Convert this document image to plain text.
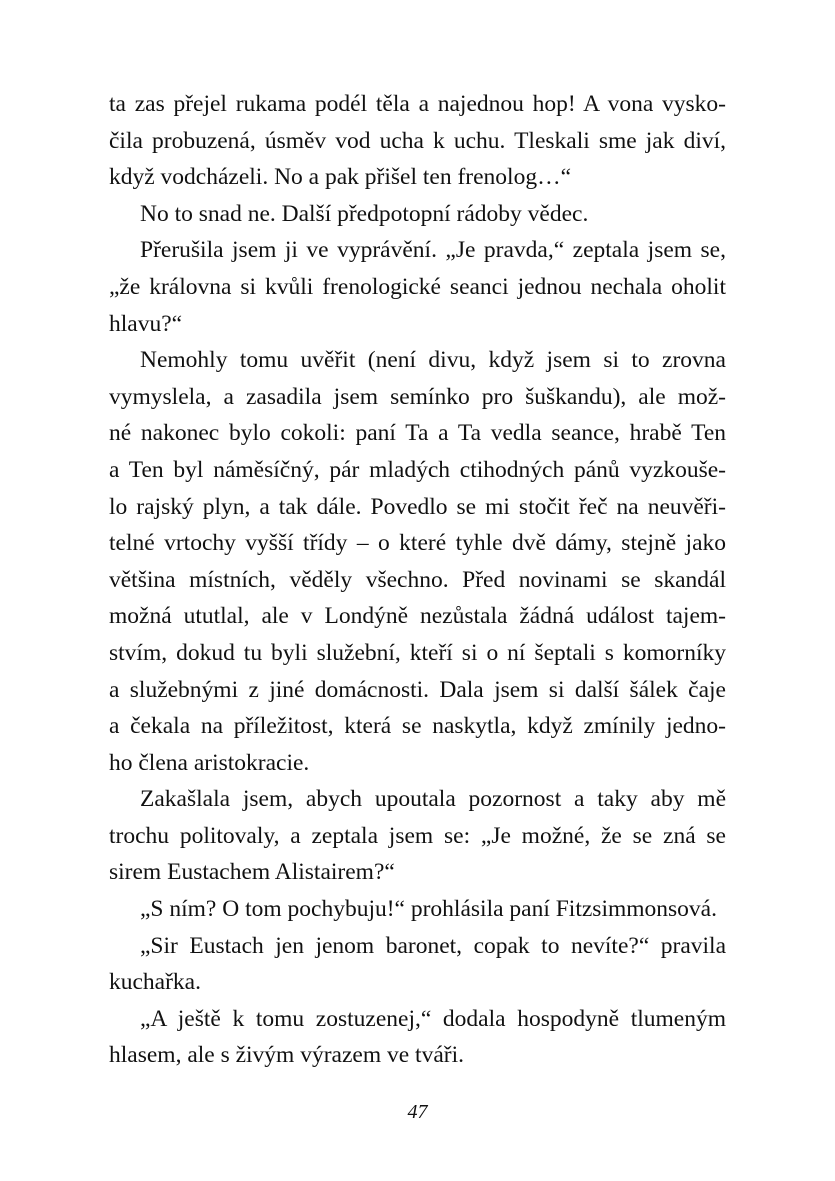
ta zas přejel rukama podél těla a najednou hop! A vona vysko-
čila probuzená, úsměv vod ucha k uchu. Tleskali sme jak diví,
když vodcházeli. No a pak přišel ten frenolog…“
No to snad ne. Další předpotopní rádoby vědec.
Přerušila jsem ji ve vyprávění. „Je pravda,“ zeptala jsem se,
„že královna si kvůli frenologické seanci jednou nechala oholit
hlavu?“
Nemohly tomu uvěřit (není divu, když jsem si to zrovna
vymyslela, a zasadila jsem semínko pro šuškandu), ale mož-
né nakonec bylo cokoli: paní Ta a Ta vedla seance, hrabě Ten
a Ten byl náměsíčný, pár mladých ctihodných pánů vyzkouše-
lo rajský plyn, a tak dále. Povedlo se mi stočit řeč na neuvěři-
telné vrtochy vyšší třídy – o které tyhle dvě dámy, stejně jako
většina místních, věděly všechno. Před novinami se skandál
možná ututlal, ale v Londýně nezůstala žádná událost tajem-
stvím, dokud tu byli služební, kteří si o ní šeptali s komorníky
a služebnými z jiné domácnosti. Dala jsem si další šálek čaje
a čekala na příležitost, která se naskytla, když zmínily jedno-
ho člena aristokracie.
Zakašlala jsem, abych upoutala pozornost a taky aby mě
trochu politovaly, a zeptala jsem se: „Je možné, že se zná se
sirem Eustachem Alistairem?“
„S ním? O tom pochybuju!“ prohlásila paní Fitzsimmonsová.
„Sir Eustach jen jenom baronet, copak to nevíte?“ pravila
kuchařka.
„A ještě k tomu zostuzenej,“ dodala hospodyně tlumeným
hlasem, ale s živým výrazem ve tváři.
47
